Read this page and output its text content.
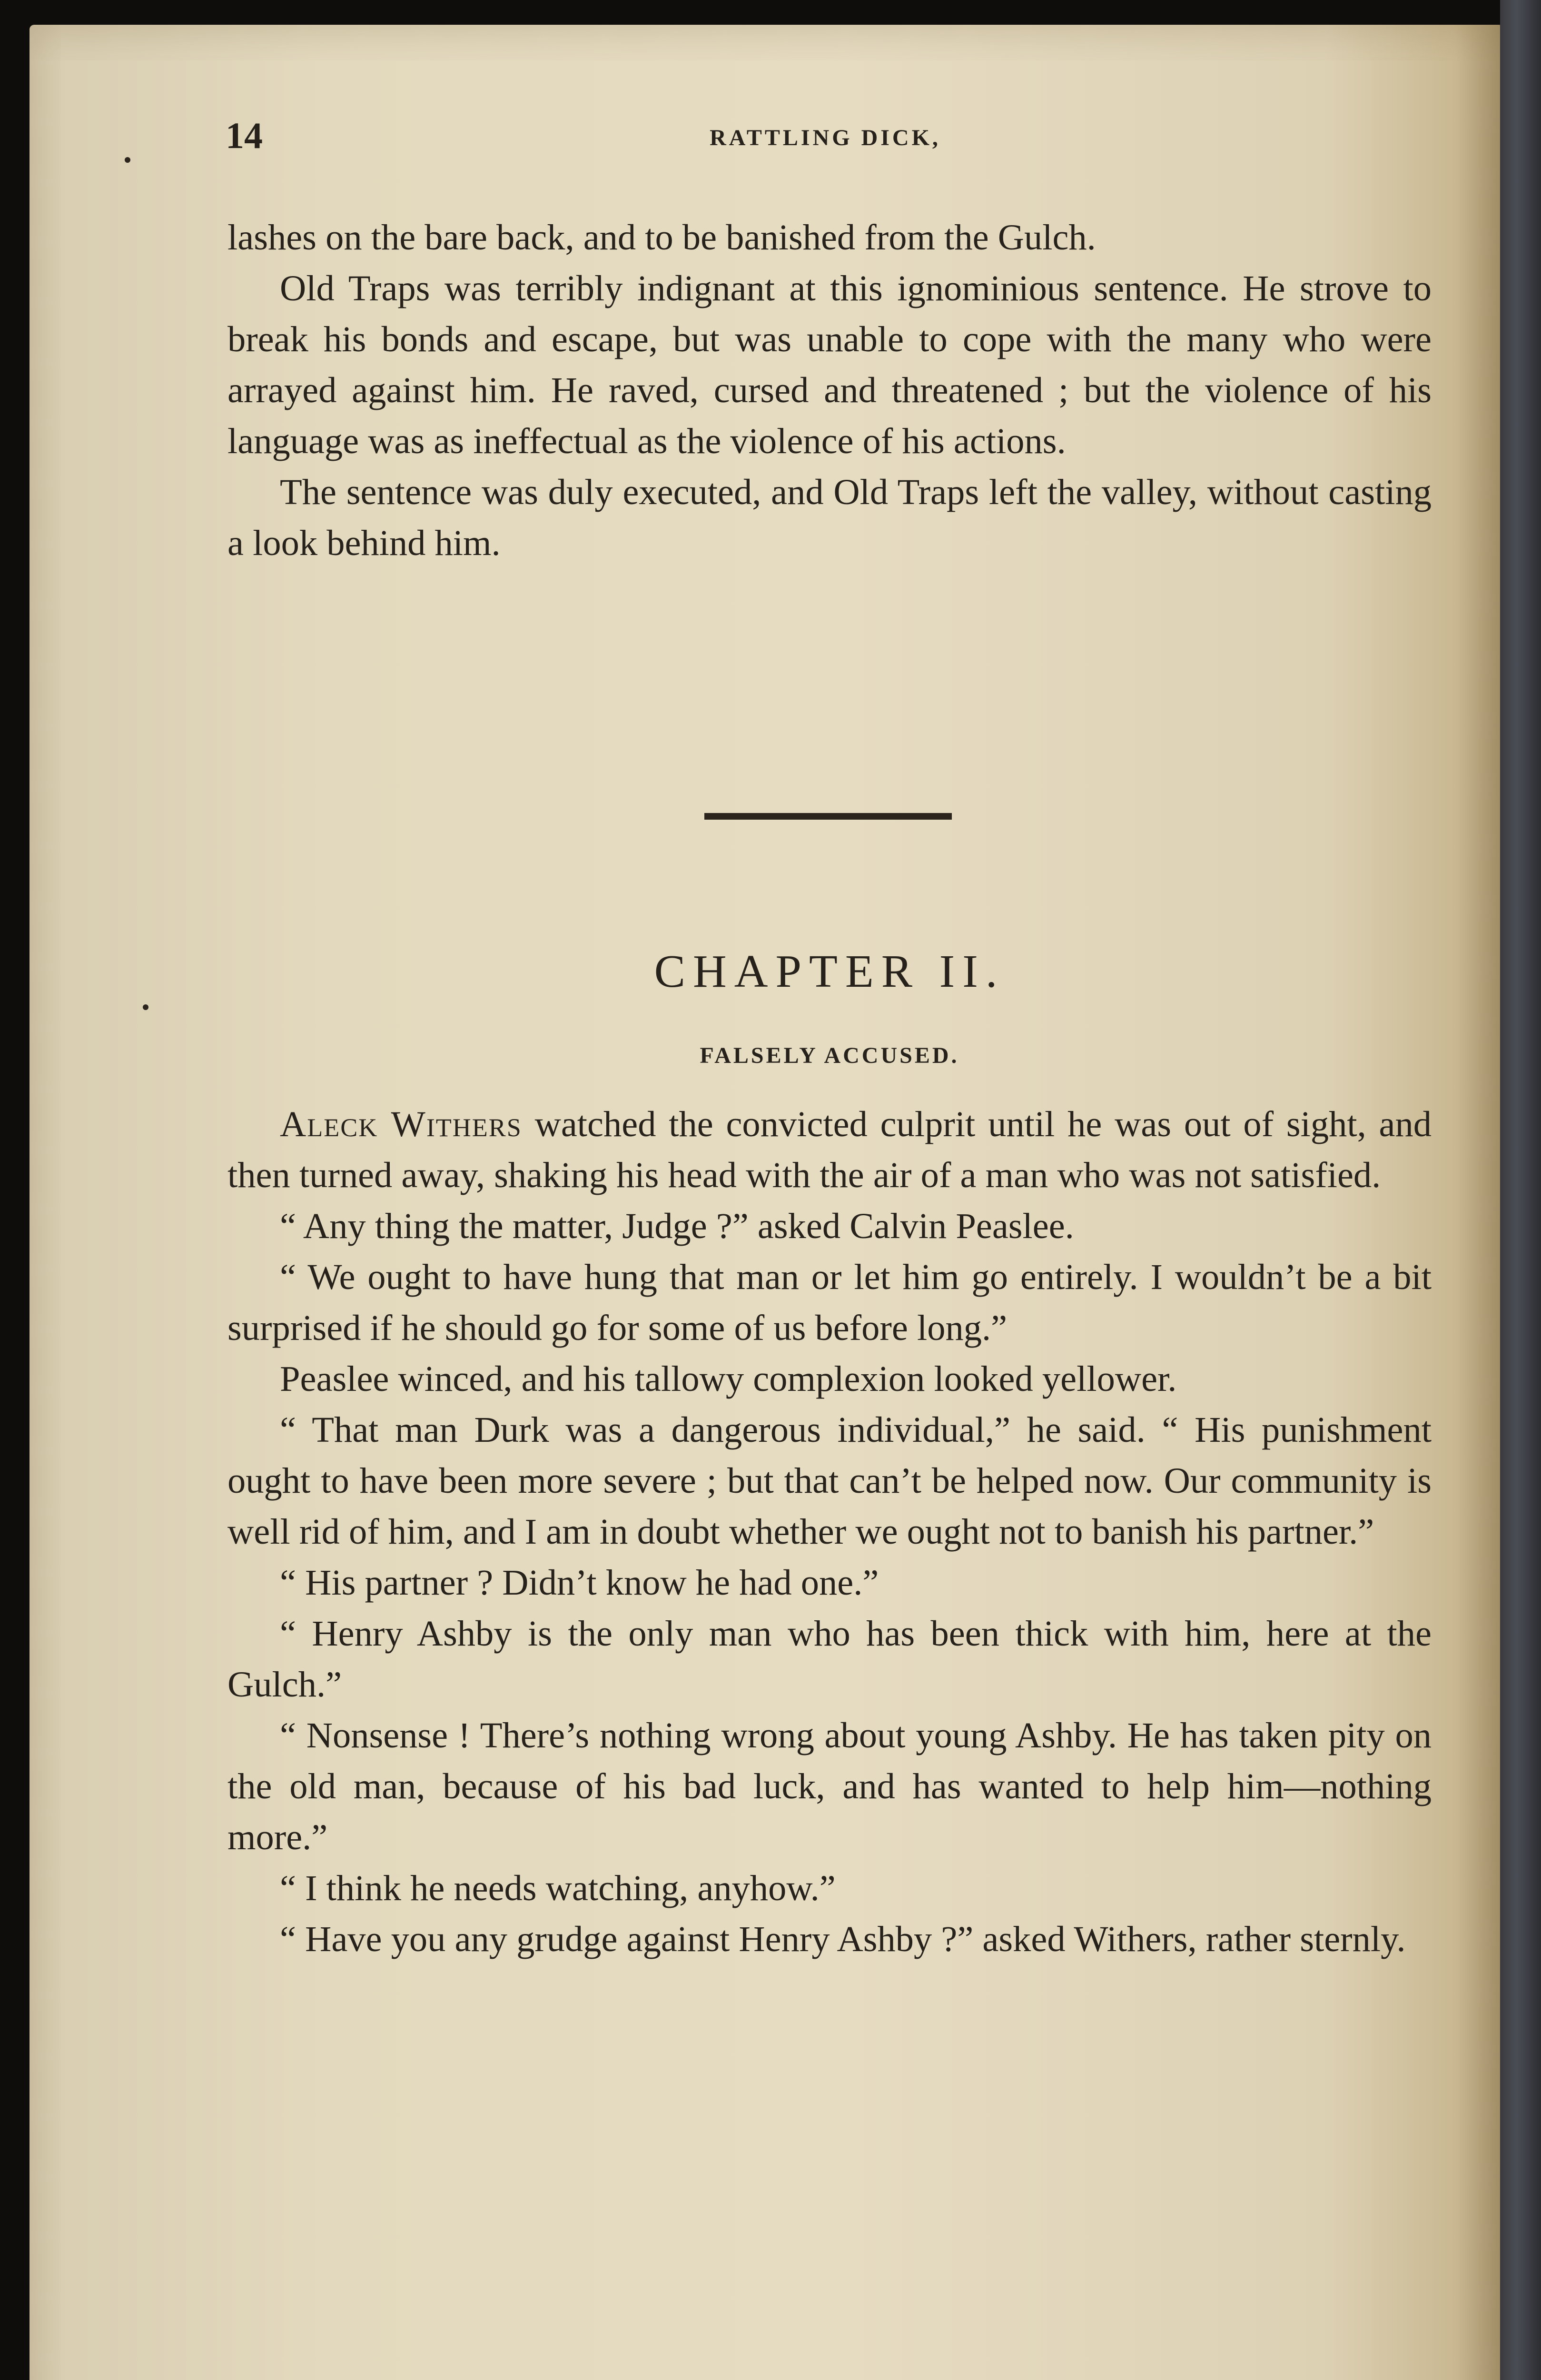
14	RATTLING DICK,

lashes on the bare back, and to be banished from the Gulch.

Old Traps was terribly indignant at this ignominious sentence. He strove to break his bonds and escape, but was unable to cope with the many who were arrayed against him. He raved, cursed and threatened ; but the violence of his language was as ineffectual as the violence of his actions.

The sentence was duly executed, and Old Traps left the valley, without casting a look behind him.

CHAPTER II.
FALSELY ACCUSED.

Aleck Withers watched the convicted culprit until he was out of sight, and then turned away, shaking his head with the air of a man who was not satisfied.

“ Any thing the matter, Judge ?” asked Calvin Peaslee.

“ We ought to have hung that man or let him go entirely. I wouldn’t be a bit surprised if he should go for some of us before long.”

Peaslee winced, and his tallowy complexion looked yellower.

“ That man Durk was a dangerous individual,” he said. “ His punishment ought to have been more severe ; but that can’t be helped now. Our community is well rid of him, and I am in doubt whether we ought not to banish his partner.”

“ His partner ? Didn’t know he had one.”

“ Henry Ashby is the only man who has been thick with him, here at the Gulch.”

“ Nonsense ! There’s nothing wrong about young Ashby. He has taken pity on the old man, because of his bad luck, and has wanted to help him—nothing more.”

“ I think he needs watching, anyhow.”

“ Have you any grudge against Henry Ashby ?” asked Withers, rather sternly.
